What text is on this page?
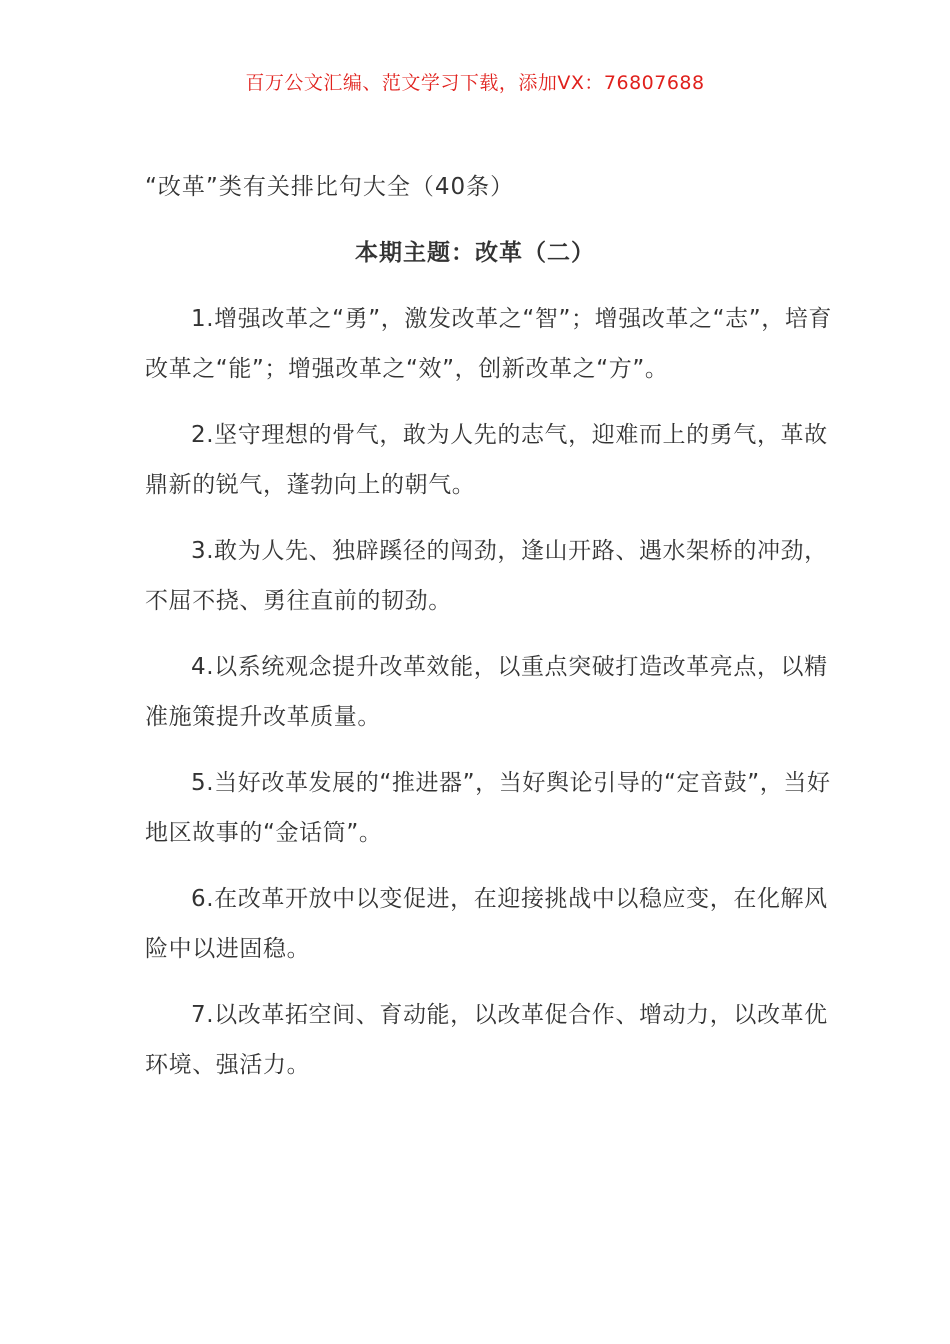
百万公文汇编、范文学习下载，添加VX：76807688
“改革”类有关排比句大全（40条）
本期主题：改革（二）

1.增强改革之“勇”，激发改革之“智”；增强改革之“志”，培育改革之“能”；增强改革之“效”，创新改革之“方”。

2.坚守理想的骨气，敢为人先的志气，迎难而上的勇气，革故鼎新的锐气，蓬勃向上的朝气。

3.敢为人先、独辟蹊径的闯劲，逢山开路、遇水架桥的冲劲，不屈不挠、勇往直前的韧劲。

4.以系统观念提升改革效能，以重点突破打造改革亮点，以精准施策提升改革质量。

5.当好改革发展的“推进器”，当好舆论引导的“定音鼓”，当好地区故事的“金话筒”。

6.在改革开放中以变促进，在迎接挑战中以稳应变，在化解风险中以进固稳。

7.以改革拓空间、育动能，以改革促合作、增动力，以改革优环境、强活力。
